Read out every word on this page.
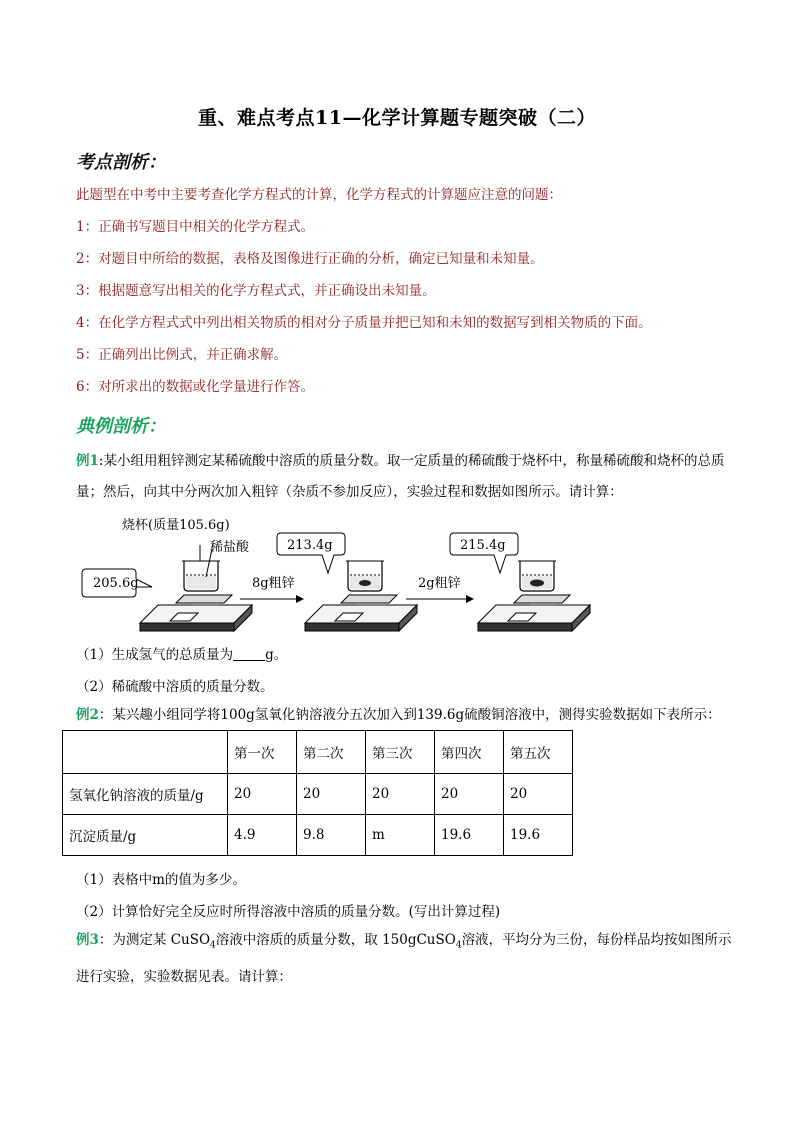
重、难点考点11—化学计算题专题突破（二）
考点剖析：
此题型在中考中主要考查化学方程式的计算，化学方程式的计算题应注意的问题：
1：正确书写题目中相关的化学方程式。
2：对题目中所给的数据，表格及图像进行正确的分析，确定已知量和未知量。
3：根据题意写出相关的化学方程式式，并正确设出未知量。
4：在化学方程式式中列出相关物质的相对分子质量并把已知和未知的数据写到相关物质的下面。
5：正确列出比例式，并正确求解。
6：对所求出的数据或化学量进行作答。
典例剖析：
例1:某小组用粗锌测定某稀硫酸中溶质的质量分数。取一定质量的稀硫酸于烧杯中，称量稀硫酸和烧杯的总质量；然后，向其中分两次加入粗锌（杂质不参加反应），实验过程和数据如图所示。请计算：
烧杯(质量105.6g)
稀盐酸
205.6g	8g粗锌
213.4g
2g粗锌
215.4g
（1）生成氢气的总质量为 g。
（2）稀硫酸中溶质的质量分数。
例2：某兴趣小组同学将100g氢氧化钠溶液分五次加入到139.6g硫酸铜溶液中，测得实验数据如下表所示：
	第一次	第二次	第三次	第四次	第五次
氢氧化钠溶液的质量/g	20	20	20	20	20
沉淀质量/g	4.9	9.8	m	19.6	19.6
（1）表格中m的值为多少。
（2）计算恰好完全反应时所得溶液中溶质的质量分数。(写出计算过程)
例3：为测定某 CuSO$_4$溶液中溶质的质量分数，取 150gCuSO$_4$溶液，平均分为三份，每份样品均按如图所示进行实验，实验数据见表。请计算：
